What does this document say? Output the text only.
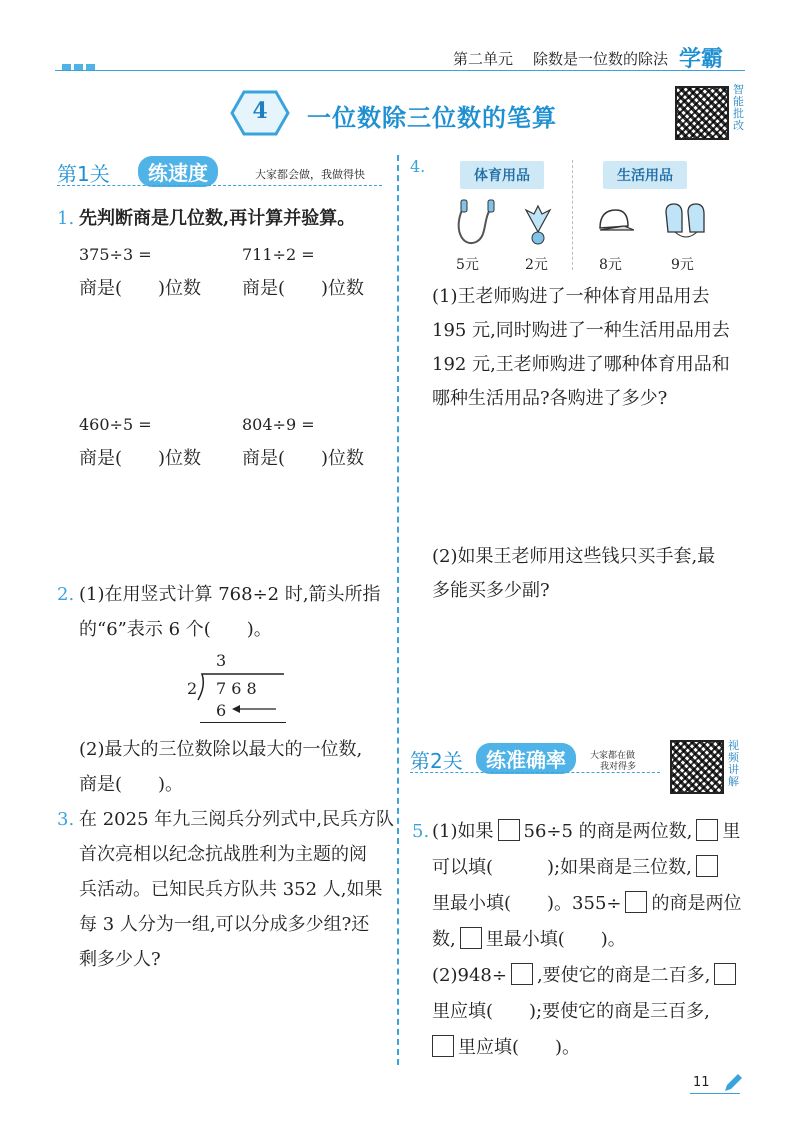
第二单元 除数是一位数的除法 学霸
4	一位数除三位数的笔算
智能批改
第1关	练速度	大家都会做，我做得快
1. 先判断商是几位数,再计算并验算。
375÷3 =	711÷2 =
商是(　　)位数 商是(　　)位数
460÷5 =	804÷9 =
商是(　　)位数 商是(　　)位数
2. (1)在用竖式计算 768÷2 时,箭头所指
的“6”表示 6 个(　　)。
3
2 7 6 8
6
(2)最大的三位数除以最大的一位数,
商是(　　)。
3. 在 2025 年九三阅兵分列式中,民兵方队
首次亮相以纪念抗战胜利为主题的阅
兵活动。已知民兵方队共 352 人,如果
每 3 人分为一组,可以分成多少组?还
剩多少人?
4.	体育用品	生活用品
5元	2元	8元	9元
(1)王老师购进了一种体育用品用去
195 元,同时购进了一种生活用品用去
192 元,王老师购进了哪种体育用品和
哪种生活用品?各购进了多少?
(2)如果王老师用这些钱只买手套,最
多能买多少副?
第2关	练准确率	大家都在做
我对得多
视频讲解
5. (1)如果 56÷5 的商是两位数, 里
可以填(　　　);如果商是三位数,
里最小填(　　)。355÷ 的商是两位
数, 里最小填(　　)。
(2)948÷ ,要使它的商是二百多,
里应填(　　);要使它的商是三百多,
里应填(　　)。
11
